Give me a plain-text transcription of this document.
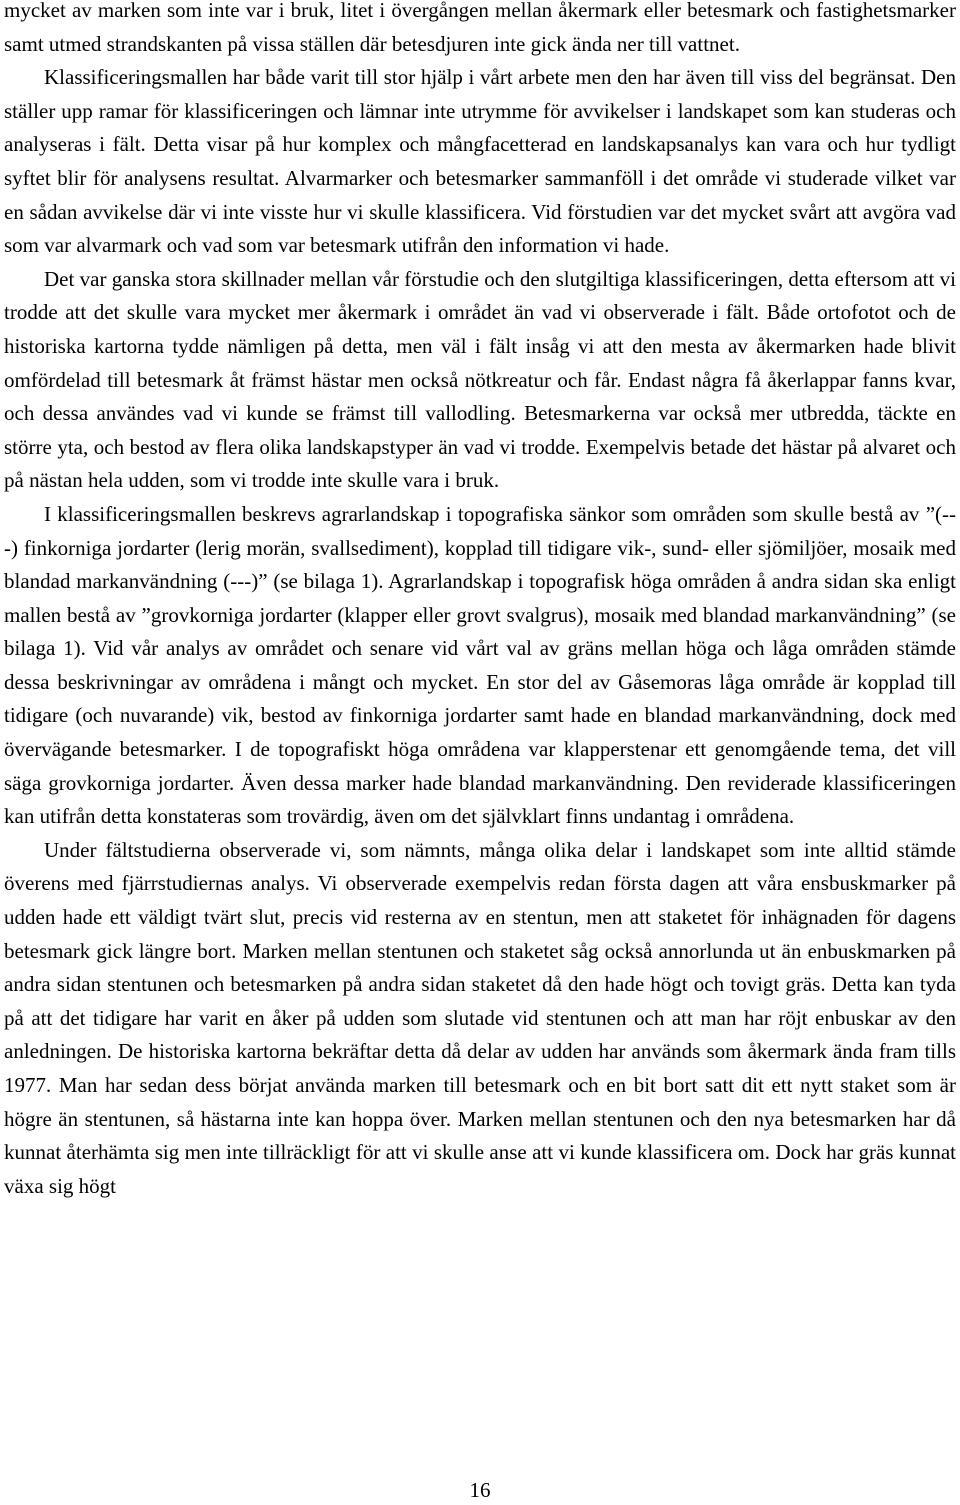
mycket av marken som inte var i bruk, litet i övergången mellan åkermark eller betesmark och fastighetsmarker samt utmed strandskanten på vissa ställen där betesdjuren inte gick ända ner till vattnet.

Klassificeringsmallen har både varit till stor hjälp i vårt arbete men den har även till viss del begränsat. Den ställer upp ramar för klassificeringen och lämnar inte utrymme för avvikelser i landskapet som kan studeras och analyseras i fält. Detta visar på hur komplex och mångfacetterad en landskapsanalys kan vara och hur tydligt syftet blir för analysens resultat. Alvarmarker och betesmarker sammanföll i det område vi studerade vilket var en sådan avvikelse där vi inte visste hur vi skulle klassificera. Vid förstudien var det mycket svårt att avgöra vad som var alvarmark och vad som var betesmark utifrån den information vi hade.

Det var ganska stora skillnader mellan vår förstudie och den slutgiltiga klassificeringen, detta eftersom att vi trodde att det skulle vara mycket mer åkermark i området än vad vi observerade i fält. Både ortofotot och de historiska kartorna tydde nämligen på detta, men väl i fält insåg vi att den mesta av åkermarken hade blivit omfördelad till betesmark åt främst hästar men också nötkreatur och får. Endast några få åkerlappar fanns kvar, och dessa användes vad vi kunde se främst till vallodling. Betesmarkerna var också mer utbredda, täckte en större yta, och bestod av flera olika landskapstyper än vad vi trodde. Exempelvis betade det hästar på alvaret och på nästan hela udden, som vi trodde inte skulle vara i bruk.

I klassificeringsmallen beskrevs agrarlandskap i topografiska sänkor som områden som skulle bestå av ”(---) finkorniga jordarter (lerig morän, svallsediment), kopplad till tidigare vik-, sund- eller sjömiljöer, mosaik med blandad markanvändning (---)” (se bilaga 1). Agrarlandskap i topografisk höga områden å andra sidan ska enligt mallen bestå av ”grovkorniga jordarter (klapper eller grovt svalgrus), mosaik med blandad markanvändning” (se bilaga 1). Vid vår analys av området och senare vid vårt val av gräns mellan höga och låga områden stämde dessa beskrivningar av områdena i mångt och mycket. En stor del av Gåsemoras låga område är kopplad till tidigare (och nuvarande) vik, bestod av finkorniga jordarter samt hade en blandad markanvändning, dock med övervägande betesmarker. I de topografiskt höga områdena var klapperstenar ett genomgående tema, det vill säga grovkorniga jordarter. Även dessa marker hade blandad markanvändning. Den reviderade klassificeringen kan utifrån detta konstateras som trovärdig, även om det självklart finns undantag i områdena.

Under fältstudierna observerade vi, som nämnts, många olika delar i landskapet som inte alltid stämde överens med fjärrstudiernas analys. Vi observerade exempelvis redan första dagen att våra ensbuskmarker på udden hade ett väldigt tvärt slut, precis vid resterna av en stentun, men att staketet för inhägnaden för dagens betesmark gick längre bort. Marken mellan stentunen och staketet såg också annorlunda ut än enbuskmarken på andra sidan stentunen och betesmarken på andra sidan staketet då den hade högt och tovigt gräs. Detta kan tyda på att det tidigare har varit en åker på udden som slutade vid stentunen och att man har röjt enbuskar av den anledningen. De historiska kartorna bekräftar detta då delar av udden har används som åkermark ända fram tills 1977. Man har sedan dess börjat använda marken till betesmark och en bit bort satt dit ett nytt staket som är högre än stentunen, så hästarna inte kan hoppa över. Marken mellan stentunen och den nya betesmarken har då kunnat återhämta sig men inte tillräckligt för att vi skulle anse att vi kunde klassificera om. Dock har gräs kunnat växa sig högt

16
